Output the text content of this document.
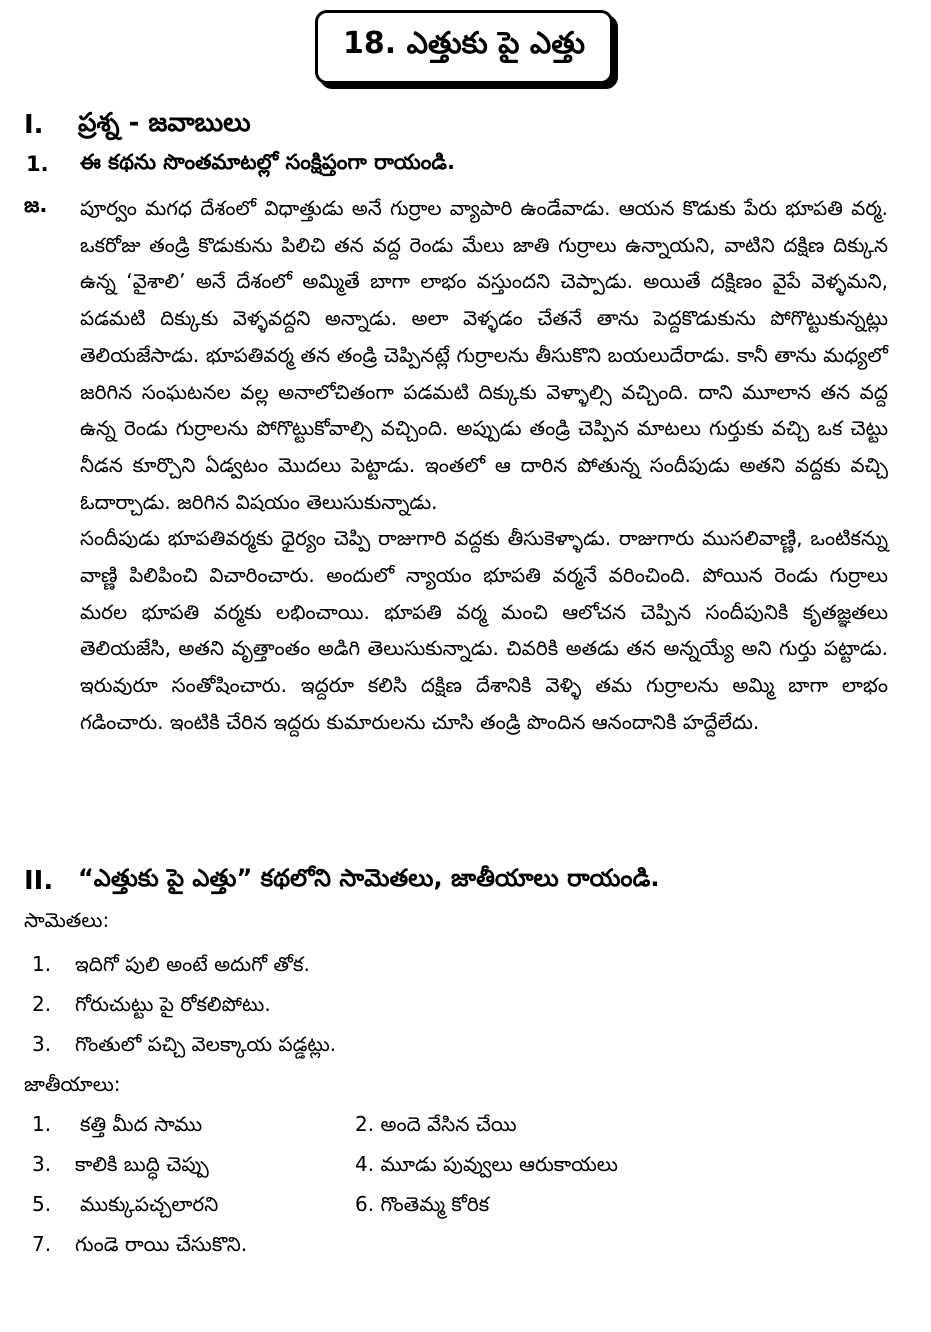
18. ఎత్తుకు పై ఎత్తు
I. ప్రశ్న - జవాబులు
1. ఈ కథను సొంతమాటల్లో సంక్షిప్తంగా రాయండి.
జ. పూర్వం మగధ దేశంలో విధాత్తుడు అనే గుర్రాల వ్యాపారి ఉండేవాడు. ఆయన కొడుకు పేరు భూపతి వర్మ. ఒకరోజు తండ్రి కొడుకును పిలిచి తన వద్ద రెండు మేలు జాతి గుర్రాలు ఉన్నాయని, వాటిని దక్షిణ దిక్కున ఉన్న ‘వైశాలి’ అనే దేశంలో అమ్మితే బాగా లాభం వస్తుందని చెప్పాడు. అయితే దక్షిణం వైపే వెళ్ళమని, పడమటి దిక్కుకు వెళ్ళవద్దని అన్నాడు. అలా వెళ్ళడం చేతనే తాను పెద్దకొడుకును పోగొట్టుకున్నట్లు తెలియజేసాడు. భూపతివర్మ తన తండ్రి చెప్పినట్లే గుర్రాలను తీసుకొని బయలుదేరాడు. కానీ తాను మధ్యలో జరిగిన సంఘటనల వల్ల అనాలోచితంగా పడమటి దిక్కుకు వెళ్ళాల్సి వచ్చింది. దాని మూలాన తన వద్ద ఉన్న రెండు గుర్రాలను పోగొట్టుకోవాల్సి వచ్చింది. అప్పుడు తండ్రి చెప్పిన మాటలు గుర్తుకు వచ్చి ఒక చెట్టు నీడన కూర్చొని ఏడ్వటం మొదలు పెట్టాడు. ఇంతలో ఆ దారిన పోతున్న సందీపుడు అతని వద్దకు వచ్చి ఓదార్చాడు. జరిగిన విషయం తెలుసుకున్నాడు.

సందీపుడు భూపతివర్మకు ధైర్యం చెప్పి రాజుగారి వద్దకు తీసుకెళ్ళాడు. రాజుగారు ముసలివాణ్ణి, ఒంటికన్ను వాణ్ణి పిలిపించి విచారించారు. అందులో న్యాయం భూపతి వర్మనే వరించింది. పోయిన రెండు గుర్రాలు మరల భూపతి వర్మకు లభించాయి. భూపతి వర్మ మంచి ఆలోచన చెప్పిన సందీపునికి కృతజ్ఞతలు తెలియజేసి, అతని వృత్తాంతం అడిగి తెలుసుకున్నాడు. చివరికి అతడు తన అన్నయ్యే అని గుర్తు పట్టాడు. ఇరువురూ సంతోషించారు. ఇద్దరూ కలిసి దక్షిణ దేశానికి వెళ్ళి తమ గుర్రాలను అమ్మి బాగా లాభం గడించారు. ఇంటికి చేరిన ఇద్దరు కుమారులను చూసి తండ్రి పొందిన ఆనందానికి హద్దేలేదు.

II. “ఎత్తుకు పై ఎత్తు” కథలోని సామెతలు, జాతీయాలు రాయండి.
సామెతలు:
1. ఇదిగో పులి అంటే అదుగో తోక.
2. గోరుచుట్టు పై రోకలిపోటు.
3. గొంతులో పచ్చి వెలక్కాయ పడ్డట్లు.
జాతీయాలు:
1. కత్తి మీద సాము	2. అందె వేసిన చేయి
3. కాలికి బుద్ధి చెప్పు	4. మూడు పువ్వులు ఆరుకాయలు
5. ముక్కుపచ్చలారని	6. గొంతెమ్మ కోరిక
7. గుండె రాయి చేసుకొని.
